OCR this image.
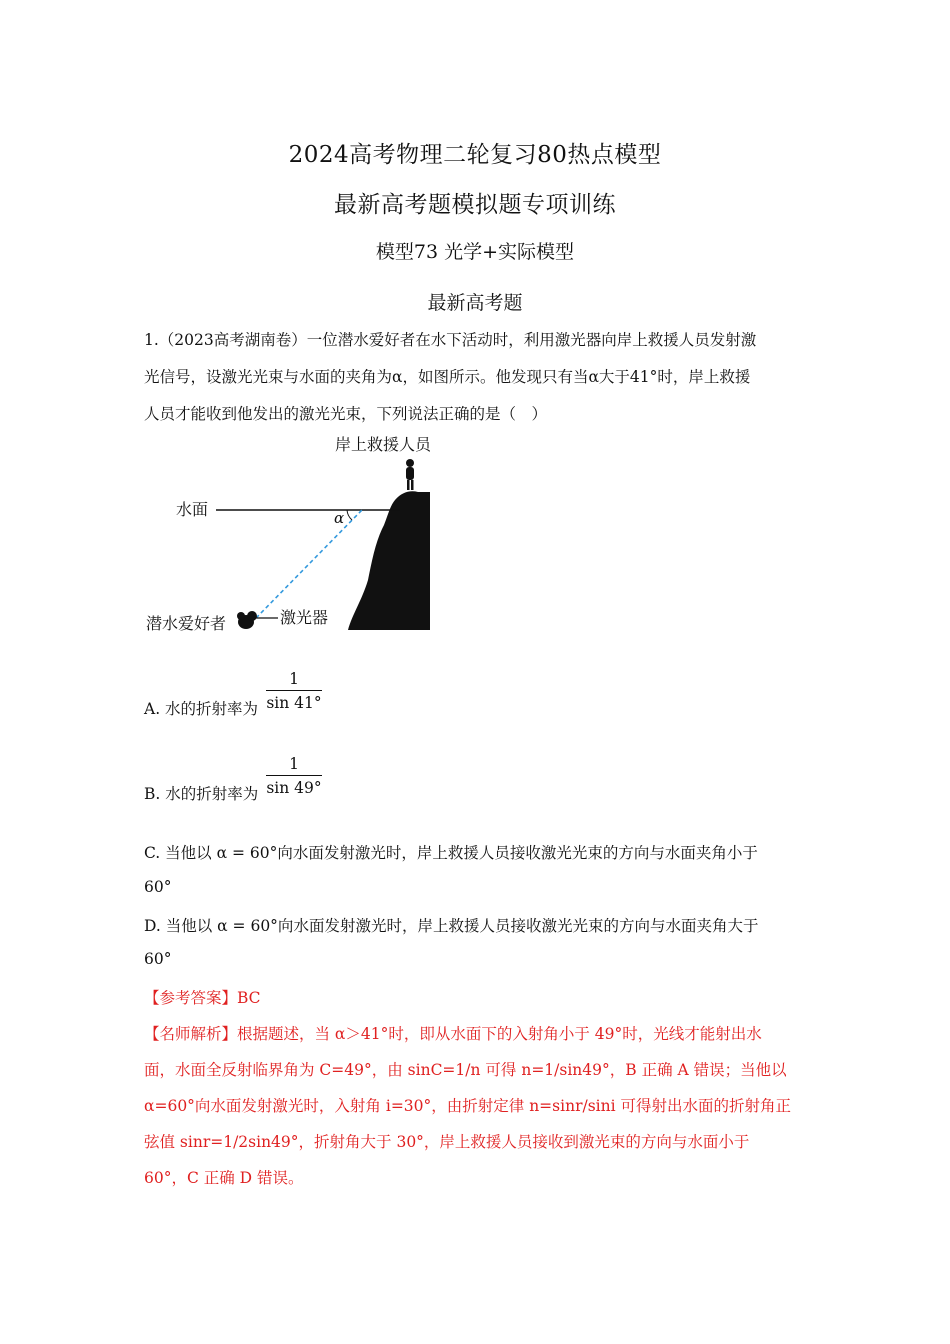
2024高考物理二轮复习80热点模型
最新高考题模拟题专项训练
模型73 光学+实际模型
最新高考题
1.（2023高考湖南卷）一位潜水爱好者在水下活动时，利用激光器向岸上救援人员发射激
光信号，设激光光束与水面的夹角为α，如图所示。他发现只有当α大于41°时，岸上救援
人员才能收到他发出的激光光束，下列说法正确的是（　）
岸上救援人员
水面	α
激光器
潜水爱好者
A. 水的折射率为 $\frac{1}{\sin 41^\circ}$
B. 水的折射率为 $\frac{1}{\sin 49^\circ}$
C. 当他以 α = 60°向水面发射激光时，岸上救援人员接收激光光束的方向与水面夹角小于
60°
D. 当他以 α = 60°向水面发射激光时，岸上救援人员接收激光光束的方向与水面夹角大于
60°
【参考答案】BC
【名师解析】根据题述，当 α＞41°时，即从水面下的入射角小于 49°时，光线才能射出水
面，水面全反射临界角为 C=49°，由 sinC=1/n 可得 n=1/sin49°，B 正确 A 错误；当他以
α=60°向水面发射激光时，入射角 i=30°，由折射定律 n=sinr/sini 可得射出水面的折射角正
弦值 sinr=1/2sin49°，折射角大于 30°，岸上救援人员接收到激光束的方向与水面小于
60°，C 正确 D 错误。
